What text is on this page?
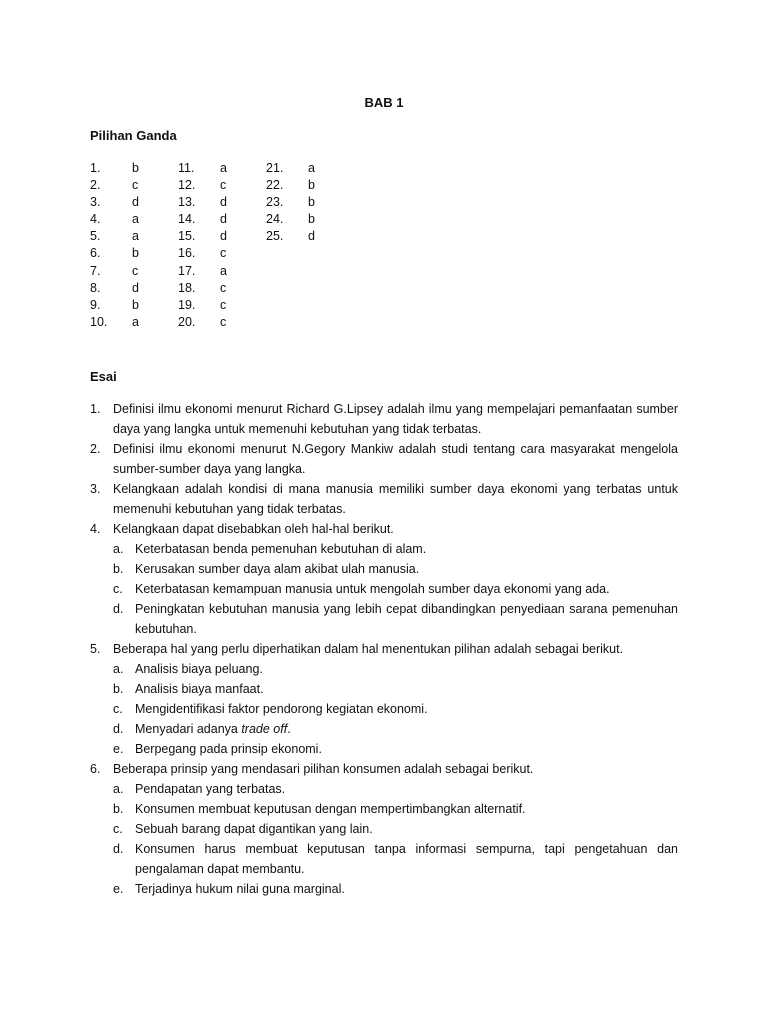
BAB 1
Pilihan Ganda
1.	b	11.	a	21.	a
2.	c	12.	c	22.	b
3.	d	13.	d	23.	b
4.	a	14.	d	24.	b
5.	a	15.	d	25.	d
6.	b	16.	c
7.	c	17.	a
8.	d	18.	c
9.	b	19.	c
10.	a	20.	c
Esai
1.	Definisi ilmu ekonomi menurut Richard G.Lipsey adalah ilmu yang mempelajari pemanfaatan sumber daya yang langka untuk memenuhi kebutuhan yang tidak terbatas.
2.	Definisi ilmu ekonomi menurut N.Gegory Mankiw adalah studi tentang cara masyarakat mengelola sumber-sumber daya yang langka.
3.	Kelangkaan adalah kondisi di mana manusia memiliki sumber daya ekonomi yang terbatas untuk memenuhi kebutuhan yang tidak terbatas.
4.	Kelangkaan dapat disebabkan oleh hal-hal berikut.
a. Keterbatasan benda pemenuhan kebutuhan di alam.
b. Kerusakan sumber daya alam akibat ulah manusia.
c. Keterbatasan kemampuan manusia untuk mengolah sumber daya ekonomi yang ada.
d. Peningkatan kebutuhan manusia yang lebih cepat dibandingkan penyediaan sarana pemenuhan kebutuhan.
5.	Beberapa hal yang perlu diperhatikan dalam hal menentukan pilihan adalah sebagai berikut.
a. Analisis biaya peluang.
b. Analisis biaya manfaat.
c. Mengidentifikasi faktor pendorong kegiatan ekonomi.
d. Menyadari adanya trade off.
e. Berpegang pada prinsip ekonomi.
6.	Beberapa prinsip yang mendasari pilihan konsumen adalah sebagai berikut.
a. Pendapatan yang terbatas.
b. Konsumen membuat keputusan dengan mempertimbangkan alternatif.
c. Sebuah barang dapat digantikan yang lain.
d. Konsumen harus membuat keputusan tanpa informasi sempurna, tapi pengetahuan dan pengalaman dapat membantu.
e. Terjadinya hukum nilai guna marginal.
